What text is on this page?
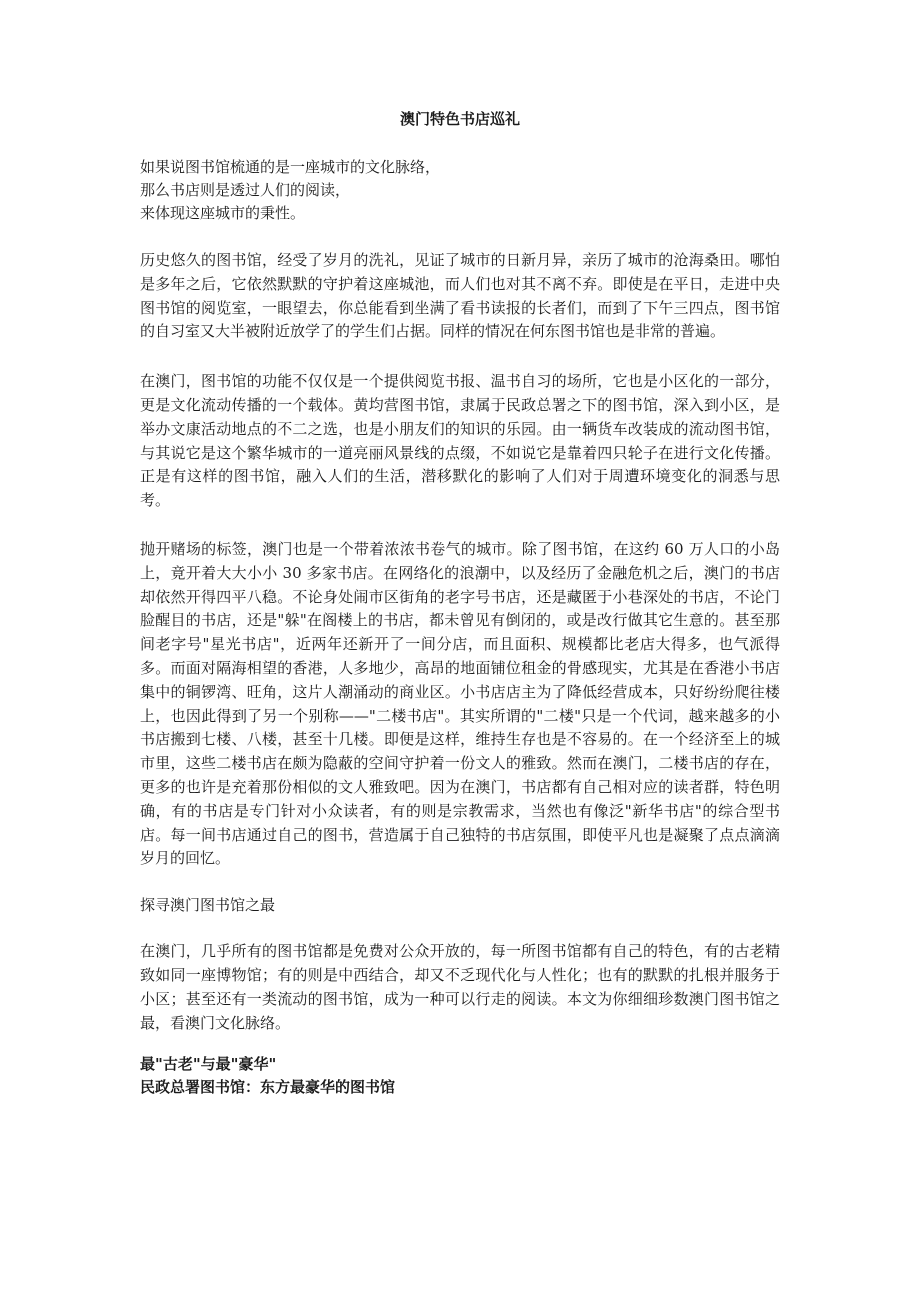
澳门特色书店巡礼
如果说图书馆梳通的是一座城市的文化脉络，
那么书店则是透过人们的阅读，
来体现这座城市的秉性。

历史悠久的图书馆，经受了岁月的洗礼，见证了城市的日新月异，亲历了城市的沧海桑田。哪怕是多年之后，它依然默默的守护着这座城池，而人们也对其不离不弃。即使是在平日，走进中央图书馆的阅览室，一眼望去，你总能看到坐满了看书读报的长者们，而到了下午三四点，图书馆的自习室又大半被附近放学了的学生们占据。同样的情况在何东图书馆也是非常的普遍。

在澳门，图书馆的功能不仅仅是一个提供阅览书报、温书自习的场所，它也是小区化的一部分，更是文化流动传播的一个载体。黄均营图书馆，隶属于民政总署之下的图书馆，深入到小区，是举办文康活动地点的不二之选，也是小朋友们的知识的乐园。由一辆货车改装成的流动图书馆，与其说它是这个繁华城市的一道亮丽风景线的点缀，不如说它是靠着四只轮子在进行文化传播。正是有这样的图书馆，融入人们的生活，潜移默化的影响了人们对于周遭环境变化的洞悉与思考。

抛开赌场的标签，澳门也是一个带着浓浓书卷气的城市。除了图书馆，在这约 60 万人口的小岛上，竟开着大大小小 30 多家书店。在网络化的浪潮中，以及经历了金融危机之后，澳门的书店却依然开得四平八稳。不论身处闹市区街角的老字号书店，还是藏匿于小巷深处的书店，不论门脸醒目的书店，还是"躲"在阁楼上的书店，都未曾见有倒闭的，或是改行做其它生意的。甚至那间老字号"星光书店"，近两年还新开了一间分店，而且面积、规模都比老店大得多，也气派得多。而面对隔海相望的香港，人多地少，高昂的地面铺位租金的骨感现实，尤其是在香港小书店集中的铜锣湾、旺角，这片人潮涌动的商业区。小书店店主为了降低经营成本，只好纷纷爬往楼上，也因此得到了另一个别称——"二楼书店"。其实所谓的"二楼"只是一个代词，越来越多的小书店搬到七楼、八楼，甚至十几楼。即便是这样，维持生存也是不容易的。在一个经济至上的城市里，这些二楼书店在颇为隐蔽的空间守护着一份文人的雅致。然而在澳门，二楼书店的存在，更多的也许是充着那份相似的文人雅致吧。因为在澳门，书店都有自己相对应的读者群，特色明确，有的书店是专门针对小众读者，有的则是宗教需求，当然也有像泛"新华书店"的综合型书店。每一间书店通过自己的图书，营造属于自己独特的书店氛围，即使平凡也是凝聚了点点滴滴岁月的回忆。

探寻澳门图书馆之最

在澳门，几乎所有的图书馆都是免费对公众开放的，每一所图书馆都有自己的特色，有的古老精致如同一座博物馆；有的则是中西结合，却又不乏现代化与人性化；也有的默默的扎根并服务于小区；甚至还有一类流动的图书馆，成为一种可以行走的阅读。本文为你细细珍数澳门图书馆之最，看澳门文化脉络。

最"古老"与最"豪华"
民政总署图书馆：东方最豪华的图书馆
